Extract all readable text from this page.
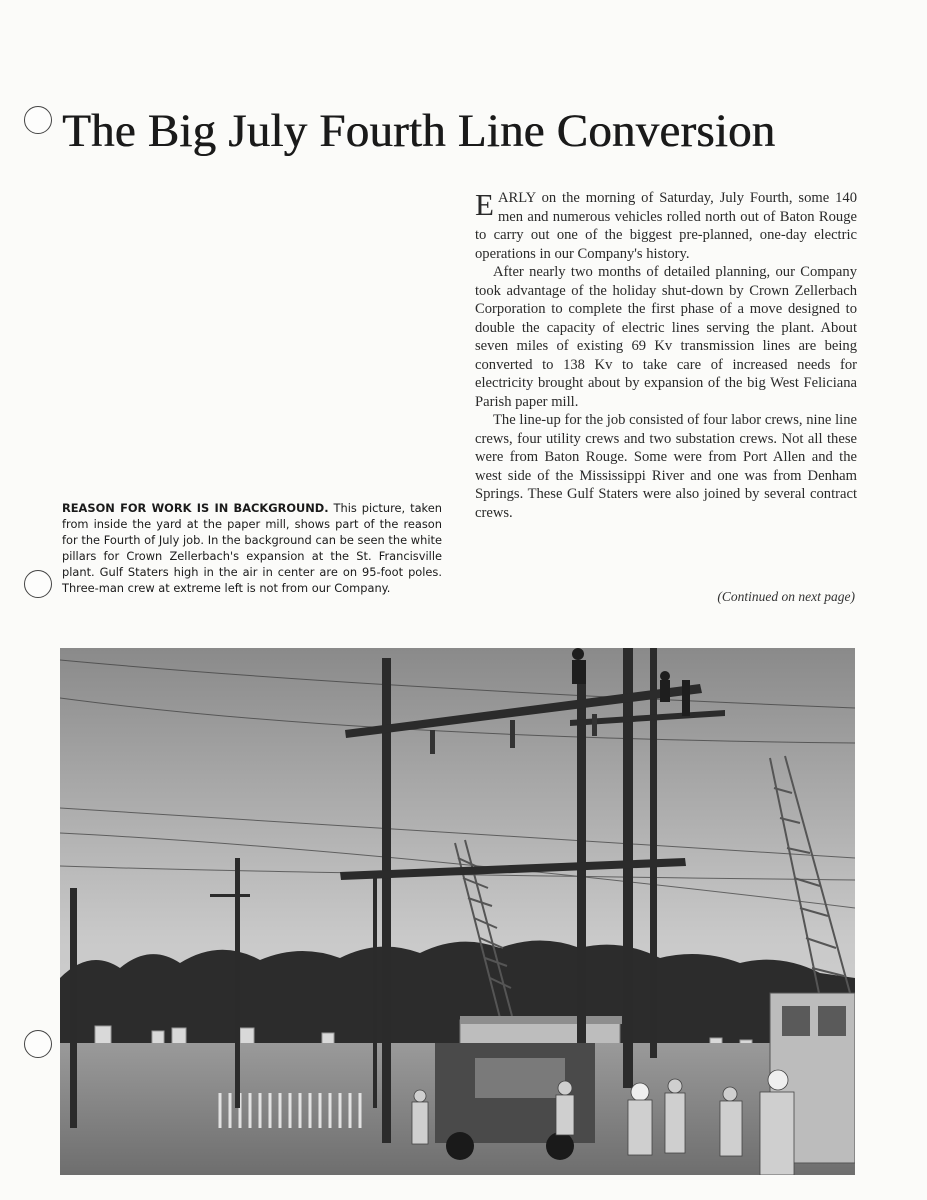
The Big July Fourth Line Conversion
REASON FOR WORK IS IN BACKGROUND. This picture, taken from inside the yard at the paper mill, shows part of the reason for the Fourth of July job. In the background can be seen the white pillars for Crown Zellerbach's expansion at the St. Francisville plant. Gulf Staters high in the air in center are on 95-foot poles. Three-man crew at extreme left is not from our Company.

EARLY on the morning of Saturday, July Fourth, some 140 men and numerous vehicles rolled north out of Baton Rouge to carry out one of the biggest pre-planned, one-day electric operations in our Company's history.

After nearly two months of detailed planning, our Company took advantage of the holiday shut-down by Crown Zellerbach Corporation to complete the first phase of a move designed to double the capacity of electric lines serving the plant. About seven miles of existing 69 Kv transmission lines are being converted to 138 Kv to take care of increased needs for electricity brought about by expansion of the big West Feliciana Parish paper mill.

The line-up for the job consisted of four labor crews, nine line crews, four utility crews and two substation crews. Not all these were from Baton Rouge. Some were from Port Allen and the west side of the Mississippi River and one was from Denham Springs. These Gulf Staters were also joined by several contract crews.

(Continued on next page)
